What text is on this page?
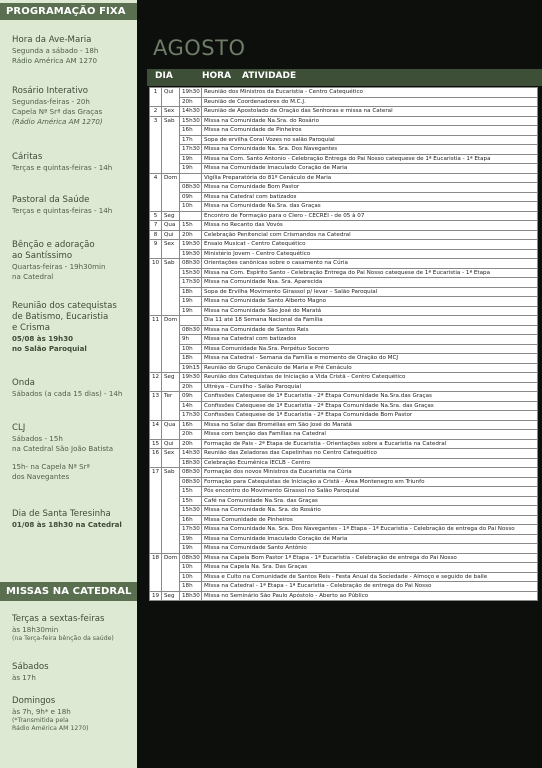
PROGRAMAÇÃO FIXA
Hora da Ave-Maria
Segunda a sábado - 18h
Rádio América AM 1270
Rosário Interativo
Segundas-feiras - 20h
Capela Nª Srª das Graças
(Rádio América AM 1270)
Cáritas
Terças e quintas-feiras - 14h
Pastoral da Saúde
Terças e quintas-feiras - 14h
Bênção e adoração
ao Santíssimo
Quartas-feiras - 19h30min
na Catedral
Reunião dos catequistas
de Batismo, Eucaristia
e Crisma
05/08 às 19h30
no Salão Paroquial
Onda
Sábados (a cada 15 dias) - 14h
CLJ
Sábados - 15h
na Catedral São João Batista
15h- na Capela Nª Srª
dos Navegantes
Dia de Santa Teresinha
01/08 às 18h30 na Catedral
MISSAS NA CATEDRAL
Terças a sextas-feiras
às 18h30min
(na Terça-feira bênção da saúde)
Sábados
às 17h
Domingos
às 7h, 9h* e 18h
(*Transmitida pela
Rádio América AM 1270)
AGOSTO
DIA	HORA ATIVIDADE
1	Qui	19h30	Reunião dos Ministros da Eucaristia - Centro Catequético
		20h	Reunião de Coordenadores do M.C.J.
2	Sex	14h30	Reunião de Apostolado de Oração das Senhoras e missa na Cateral
3	Sab	15h30	Missa na Comunidade Na.Sra. do Rosário
		16h	Missa na Comunidade de Pinheiros
		17h	Sopa de ervilha Coral Vozes no salão Paroquial
		17h30	Missa na Comunidade Na. Sra. Dos Navegantes
		19h	Missa na Com. Santo Antonio - Celebração Entrega do Pai Nosso catequese de 1ª Eucaristia - 1ª Etapa
		19h	Missa na Comunidade Imaculado Coração de Maria
4	Dom		Vigília Preparatória do 81º Cenáculo de Maria
		08h30	Missa na Comunidade Bom Pastor
		09h	Missa na Catedral com batizados
		10h	Missa na Comunidade Na.Sra. das Graças
5	Seg		Encontro de Formação para o Clero - CECREI - de 05 à 07
7	Qua	15h	Missa no Recanto das Vovós
8	Qui	20h	Celebração Penitencial com Crismandos na Catedral
9	Sex	19h30	Ensaio Musicat - Centro Catequético
		19h30	Ministério Jovem - Centro Catequético
10	Sab	08h30	Orientações canônicas sobre o casamento na Cúria
		15h30	Missa na Com. Espírito Santo - Celebração Entrega do Pai Nosso catequese de 1ª Eucaristia - 1ª Etapa
		17h30	Missa na Comunidade Nsa. Sra. Aparecida
		18h	Sopa de Ervilha Movimento Girassol p/ levar – Salão Paroquial
		19h	Missa na Comunidade Santo Alberto Magno
		19h	Missa na Comunidade São José do Maratá
11	Dom		Dia 11 até 18 Semana Nacional da Família
		08h30	Missa na Comunidade de Santos Reis
		9h	Missa na Catedral com batizados
		10h	Missa Comunidade Na.Sra. Perpétuo Socorro
		18h	Missa na Catedral - Semana da Família e momento de Oração do MCJ
		19h15	Reunião do Grupo Cenáculo de Maria e Pré Cenáculo
12	Seg	19h30	Reunião dos Catequistas de Iniciação a Vida Cristã - Centro Catequético
		20h	Ultréya - Cursilho - Salão Paroquial
13	Ter	09h	Confissões Catequese de 1ª Eucaristia - 2ª Etapa Comunidade Na.Sra.das Graças
		14h	Confissões Catequese de 1ª Eucaristia - 2ª Etapa Comunidade Na.Sra. das Graças
		17h30	Confissões Catequese de 1ª Eucaristia - 2ª Etapa Comunidade Bom Pastor
14	Qua	16h	Missa no Solar das Bromélias em São José do Maratá
		20h	Missa com benção das Famílias na Catedral
15	Qui	20h	Formação de Pais - 2ª Etapa de Eucaristia - Orientações sobre a Eucaristia na Catedral
16	Sex	14h30	Reunião das Zeladoras das Capelinhas no Centro Catequético
		18h30	Celebração Ecumênica IECLB - Centro
17	Sab	08h30	Formação dos novos Ministros da Eucaristia na Cúria
		08h30	Formação para Catequistas de Iniciação a Cristã - Área Montenegro em Triunfo
		15h	Pós encontro do Movimento Girassol no Salão Paroquial
		15h	Café na Comunidade Na.Sra. das Graças
		15h30	Missa na Comunidade Na. Sra. do Rosário
		16h	Missa Comunidade de Pinheiros
		17h30	Missa na Comunidade Na. Sra. Dos Navegantes - 1ª Etapa - 1ª Eucaristia - Celebração de entrega do Pai Nosso
		19h	Missa na Comunidade Imaculado Coração de Maria
		19h	Missa na Comunidade Santo Antônio
18	Dom	08h30	Missa na Capela Bom Pastor 1ª Etapa - 1ª Eucaristia - Celebração de entrega do Pai Nosso
		10h	Missa na Capela Na. Sra. Das Graças
		10h	Missa e Culto na Comunidade de Santos Reis - Festa Anual da Sociedade - Almoço e seguido de baile
		18h	Missa na Catedral - 1ª Etapa - 1ª Eucaristia - Celebração de entrega do Pai Nosso
19	Seg	18h30	Missa no Seminário São Paulo Apóstolo - Aberto ao Público
